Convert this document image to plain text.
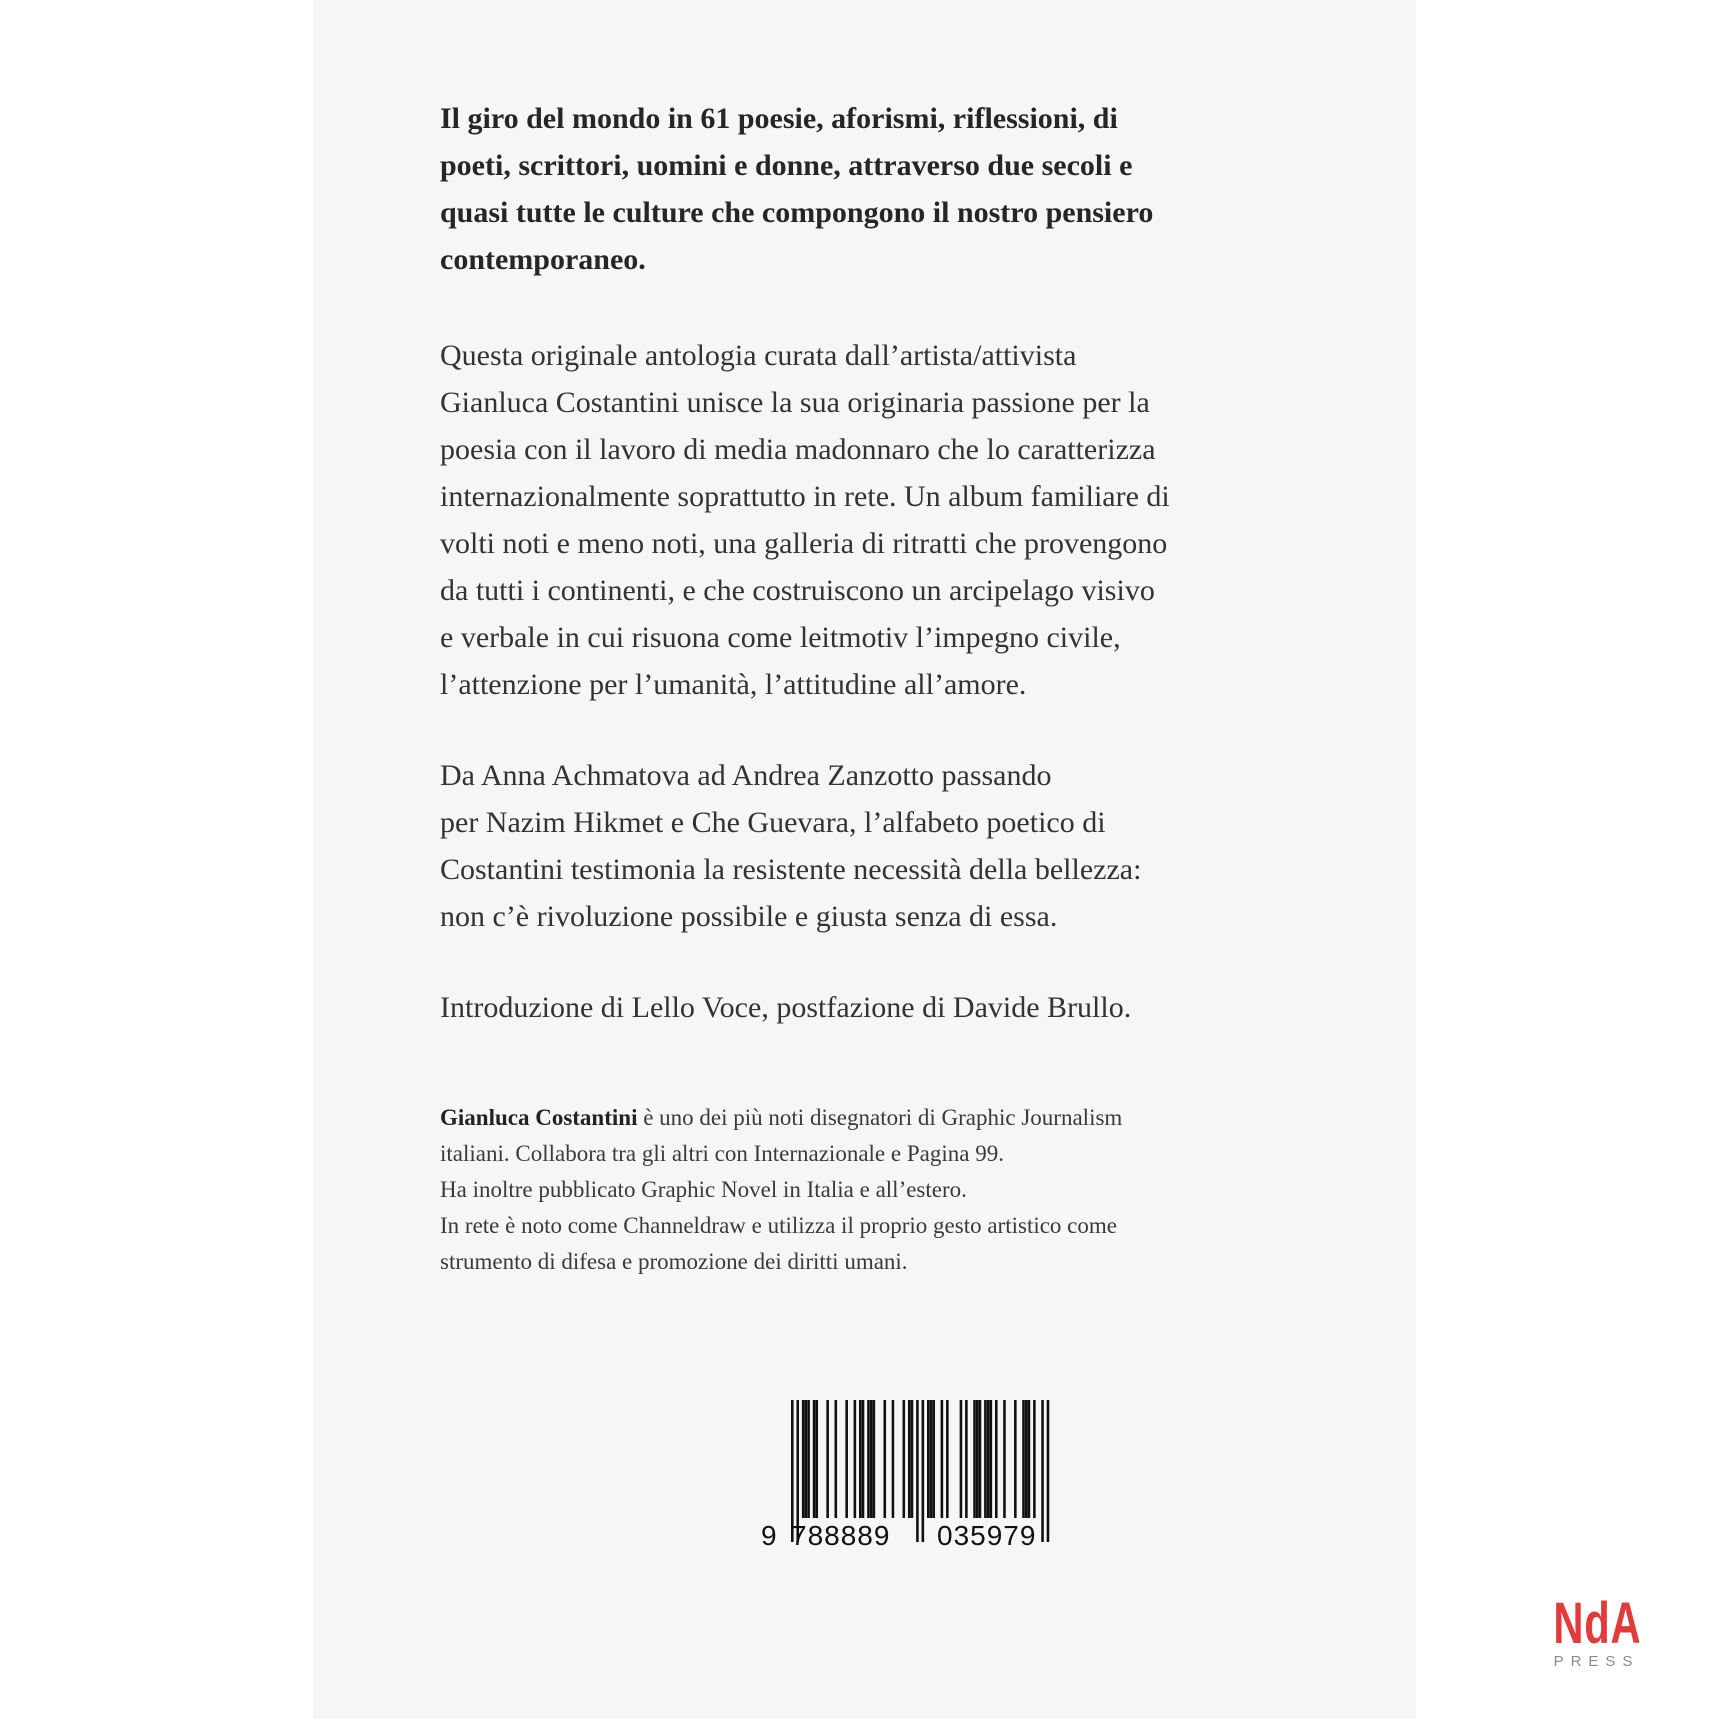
Il giro del mondo in 61 poesie, aforismi, riflessioni, di
poeti, scrittori, uomini e donne, attraverso due secoli e
quasi tutte le culture che compongono il nostro pensiero
contemporaneo.
Questa originale antologia curata dall’artista/attivista
Gianluca Costantini unisce la sua originaria passione per la
poesia con il lavoro di media madonnaro che lo caratterizza
internazionalmente soprattutto in rete. Un album familiare di
volti noti e meno noti, una galleria di ritratti che provengono
da tutti i continenti, e che costruiscono un arcipelago visivo
e verbale in cui risuona come leitmotiv l’impegno civile,
l’attenzione per l’umanità, l’attitudine all’amore.
Da Anna Achmatova ad Andrea Zanzotto passando
per Nazim Hikmet e Che Guevara, l’alfabeto poetico di
Costantini testimonia la resistente necessità della bellezza:
non c’è rivoluzione possibile e giusta senza di essa.
Introduzione di Lello Voce, postfazione di Davide Brullo.
Gianluca Costantini è uno dei più noti disegnatori di Graphic Journalism
italiani. Collabora tra gli altri con Internazionale e Pagina 99.
Ha inoltre pubblicato Graphic Novel in Italia e all’estero.
In rete è noto come Channeldraw e utilizza il proprio gesto artistico come
strumento di difesa e promozione dei diritti umani.
9 788889 035979
NdA
PRESS
